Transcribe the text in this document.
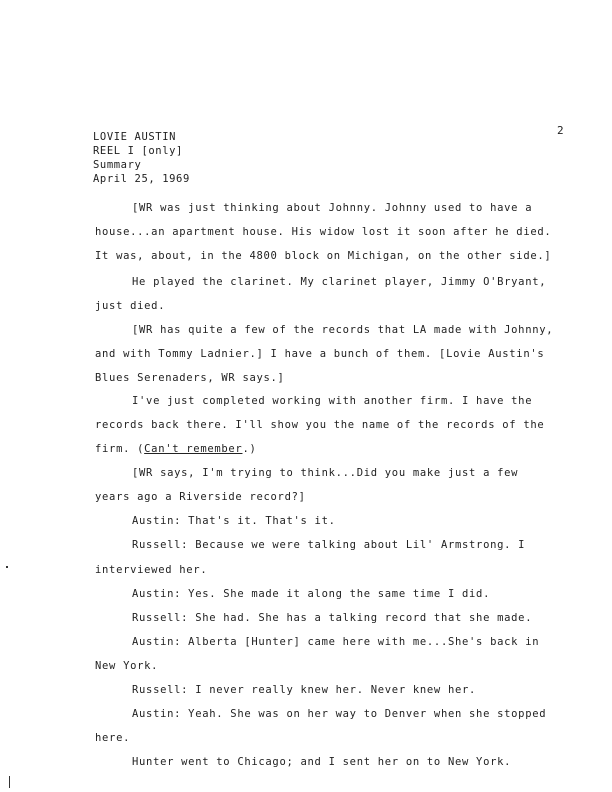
LOVIE AUSTIN
REEL I [only]
Summary
April 25, 1969
2
[WR was just thinking about Johnny. Johnny used to have a
house...an apartment house. His widow lost it soon after he died.
It was, about, in the 4800 block on Michigan, on the other side.]
He played the clarinet. My clarinet player, Jimmy O'Bryant,
just died.
[WR has quite a few of the records that LA made with Johnny,
and with Tommy Ladnier.] I have a bunch of them. [Lovie Austin's
Blues Serenaders, WR says.]
I've just completed working with another firm. I have the
records back there. I'll show you the name of the records of the
firm. (Can't remember.)
[WR says, I'm trying to think...Did you make just a few
years ago a Riverside record?]
Austin: That's it. That's it.
Russell: Because we were talking about Lil' Armstrong. I
interviewed her.
Austin: Yes. She made it along the same time I did.
Russell: She had. She has a talking record that she made.
Austin: Alberta [Hunter] came here with me...She's back in
New York.
Russell: I never really knew her. Never knew her.
Austin: Yeah. She was on her way to Denver when she stopped
here.
Hunter went to Chicago; and I sent her on to New York.
